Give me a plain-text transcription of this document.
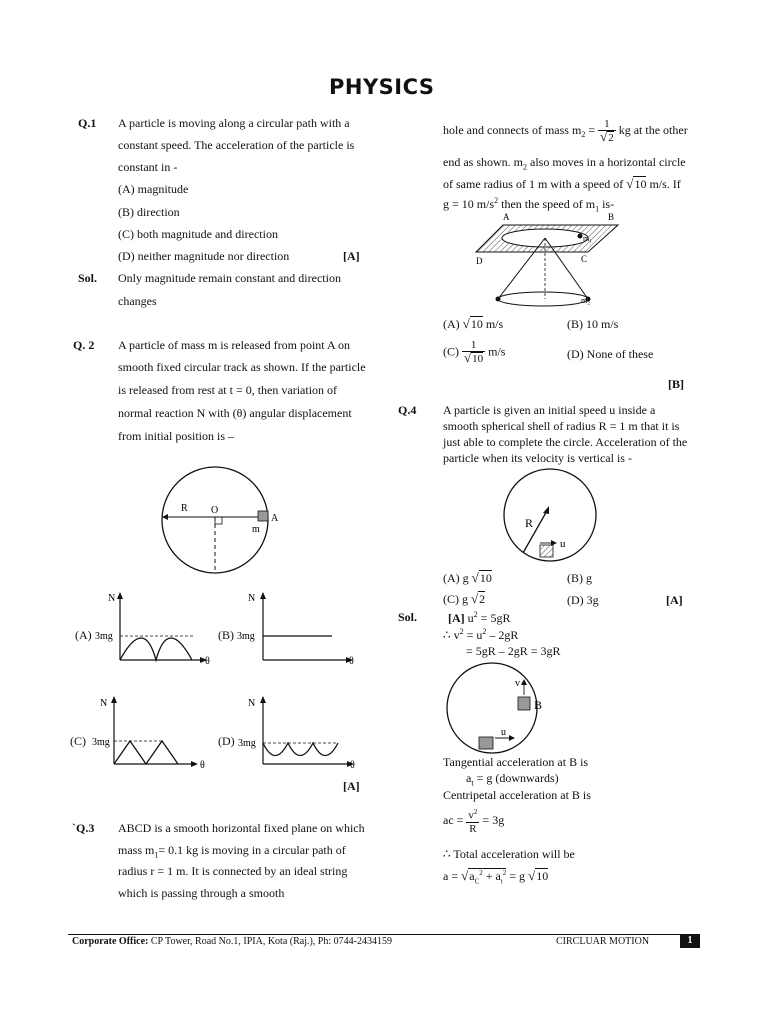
PHYSICS
Q.1 A particle is moving along a circular path with a
constant speed. The acceleration of the particle is
constant in -
(A) magnitude
(B) direction
(C) both magnitude and direction
(D) neither magnitude nor direction	[A]
Sol. Only magnitude remain constant and direction
changes
Q. 2 A particle of mass m is released from point A on
smooth fixed circular track as shown. If the particle
is released from rest at t = 0, then variation of
normal reaction N with (θ) angular displacement
from initial position is –
R O
A
m
(A)
N
3mg
θ
(B)
N
3mg
θ
(C)
N
3mg
θ
(D)
N
3mg
θ
[A]
`Q.3 ABCD is a smooth horizontal fixed plane on which
mass $m_1= 0.1$ kg is moving in a circular path of
radius r = 1 m. It is connected by an ideal string
which is passing through a smooth
hole and connects of mass $m_2 = \frac{1}{√2}$ kg at the other
end as shown. $m_2$ also moves in a horizontal circle
of same radius of 1 m with a speed of √10 m/s. If
g = 10 $m/s^2$ then the speed of $m_1$ is-
A	B
D	C
m₁
m₂
(A) √10 m/s	(B) 10 m/s
$(C) \frac{1}{√10} m/s$	(D) None of these
[B]
Q.4 A particle is given an initial speed u inside a
smooth spherical shell of radius R = 1 m that it is
just able to complete the circle. Acceleration of the
particle when its velocity is vertical is -
R
u
(A) g √10	(B) g
(C) g √2	(D) 3g	[A]
Sol.	[A] $u^2 = 5gR$
∴ $v^2 = u^2 - 2gR$
= 5gR – 2gR = 3gR
v
B
u
Tangential acceleration at B is
$a_t = g$ (downwards)
Centripetal acceleration at B is
ac = $\frac{v^2}{R} = 3g$
∴ Total acceleration will be
$a = √a_C^2 + a_t^2 = g$ √10
Corporate Office: CP Tower, Road No.1, IPIA, Kota (Raj.), Ph: 0744-2434159	CIRCLUAR MOTION	1
